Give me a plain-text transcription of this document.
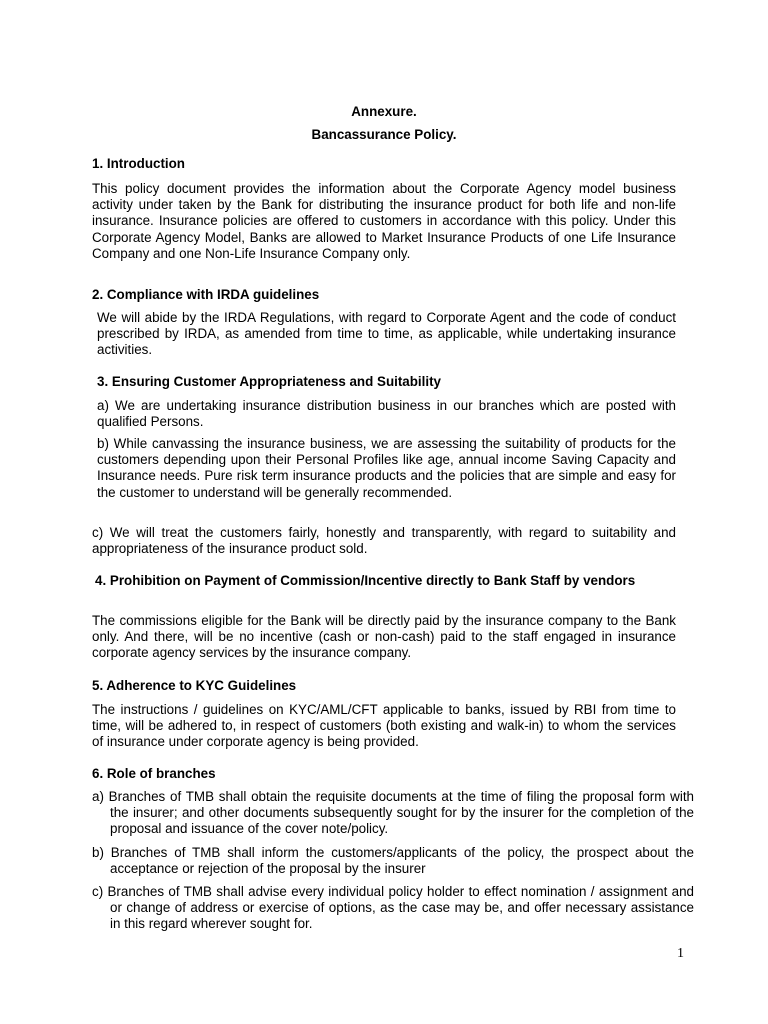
Annexure.
Bancassurance Policy.
1. Introduction
This policy document provides the information about the Corporate Agency model business activity under taken by the Bank for distributing the insurance product for both life and non-life insurance. Insurance policies are offered to customers in accordance with this policy. Under this Corporate Agency Model, Banks are allowed to Market Insurance Products of one Life Insurance Company and one Non-Life Insurance Company only.
2. Compliance with IRDA guidelines
We will abide by the IRDA Regulations, with regard to Corporate Agent and the code of conduct prescribed by IRDA, as amended from time to time, as applicable, while undertaking insurance activities.
3. Ensuring Customer Appropriateness and Suitability
a) We are undertaking insurance distribution business in our branches which are posted with qualified Persons.
b) While canvassing the insurance business, we are assessing the suitability of products for the customers depending upon their Personal Profiles like age, annual income Saving Capacity and Insurance needs. Pure risk term insurance products and the policies that are simple and easy for the customer to understand will be generally recommended.
c) We will treat the customers fairly, honestly and transparently, with regard to suitability and appropriateness of the insurance product sold.
4. Prohibition on Payment of Commission/Incentive directly to Bank Staff by vendors
The commissions eligible for the Bank will be directly paid by the insurance company to the Bank only. And there, will be no incentive (cash or non-cash) paid to the staff engaged in insurance corporate agency services by the insurance company.
5. Adherence to KYC Guidelines
The instructions / guidelines on KYC/AML/CFT applicable to banks, issued by RBI from time to time, will be adhered to, in respect of customers (both existing and walk-in) to whom the services of insurance under corporate agency is being provided.
6. Role of branches
a) Branches of TMB shall obtain the requisite documents at the time of filing the proposal form with the insurer; and other documents subsequently sought for by the insurer for the completion of the proposal and issuance of the cover note/policy.
b) Branches of TMB shall inform the customers/applicants of the policy, the prospect about the acceptance or rejection of the proposal by the insurer
c) Branches of TMB shall advise every individual policy holder to effect nomination / assignment and or change of address or exercise of options, as the case may be, and offer necessary assistance in this regard wherever sought for.
1
